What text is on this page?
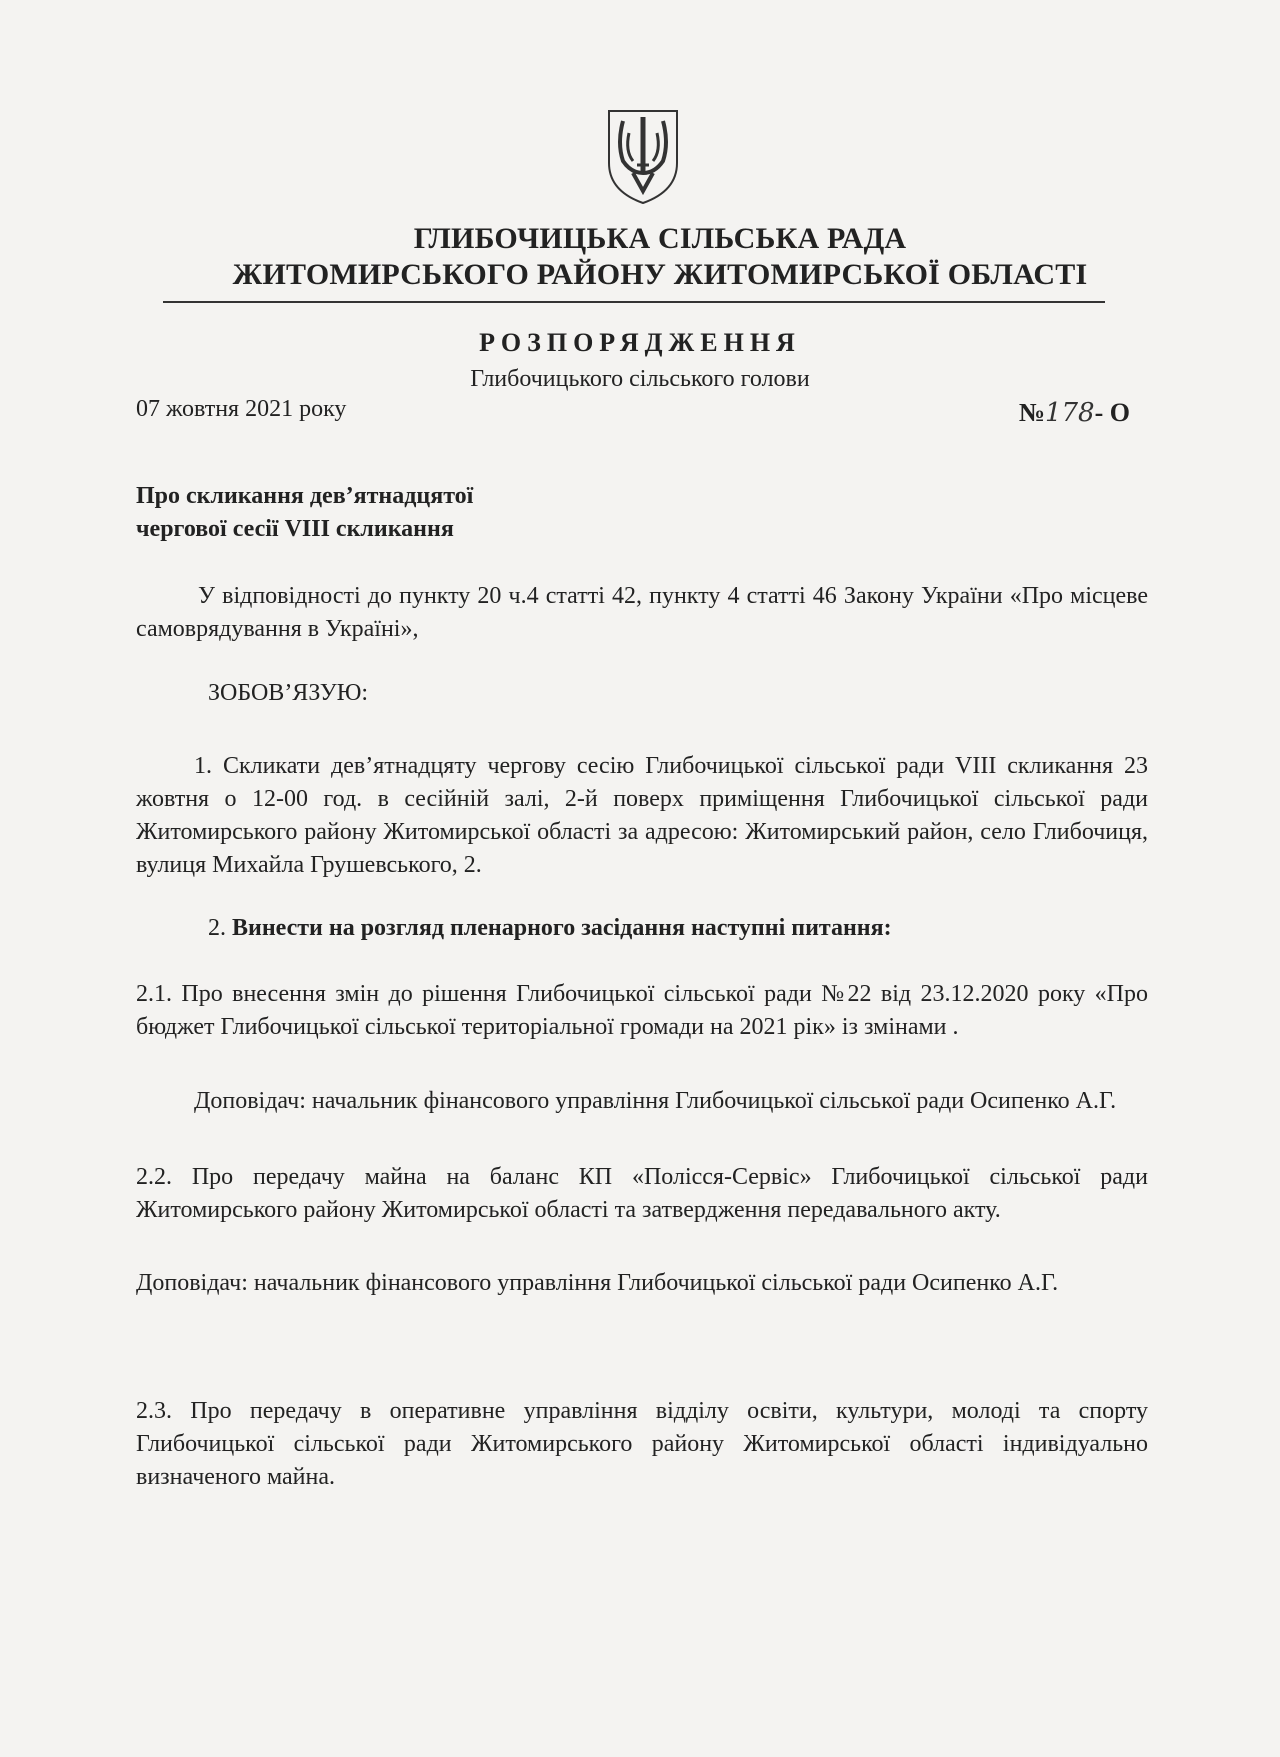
ГЛИБОЧИЦЬКА СІЛЬСЬКА РАДА
ЖИТОМИРСЬКОГО РАЙОНУ ЖИТОМИРСЬКОЇ ОБЛАСТІ
РОЗПОРЯДЖЕННЯ
Глибочицького сільського голови
07 жовтня 2021 року	№178- О
Про скликання дев’ятнадцятої
чергової сесії VIII скликання
У відповідності до пункту 20 ч.4 статті 42, пункту 4 статті 46 Закону України «Про місцеве самоврядування в Україні»,
ЗОБОВ’ЯЗУЮ:
1. Скликати дев’ятнадцяту чергову сесію Глибочицької сільської ради VIII скликання 23 жовтня о 12-00 год. в сесійній залі, 2-й поверх приміщення Глибочицької сільської ради Житомирського району Житомирської області за адресою: Житомирський район, село Глибочиця, вулиця Михайла Грушевського, 2.
2. Винести на розгляд пленарного засідання наступні питання:
2.1. Про внесення змін до рішення Глибочицької сільської ради №22 від 23.12.2020 року «Про бюджет Глибочицької сільської територіальної громади на 2021 рік» із змінами .
Доповідач: начальник фінансового управління Глибочицької сільської ради Осипенко А.Г.
2.2. Про передачу майна на баланс КП «Полісся-Сервіс» Глибочицької сільської ради Житомирського району Житомирської області та затвердження передавального акту.
Доповідач: начальник фінансового управління Глибочицької сільської ради Осипенко А.Г.
2.3. Про передачу в оперативне управління відділу освіти, культури, молоді та спорту Глибочицької сільської ради Житомирського району Житомирської області індивідуально визначеного майна.
